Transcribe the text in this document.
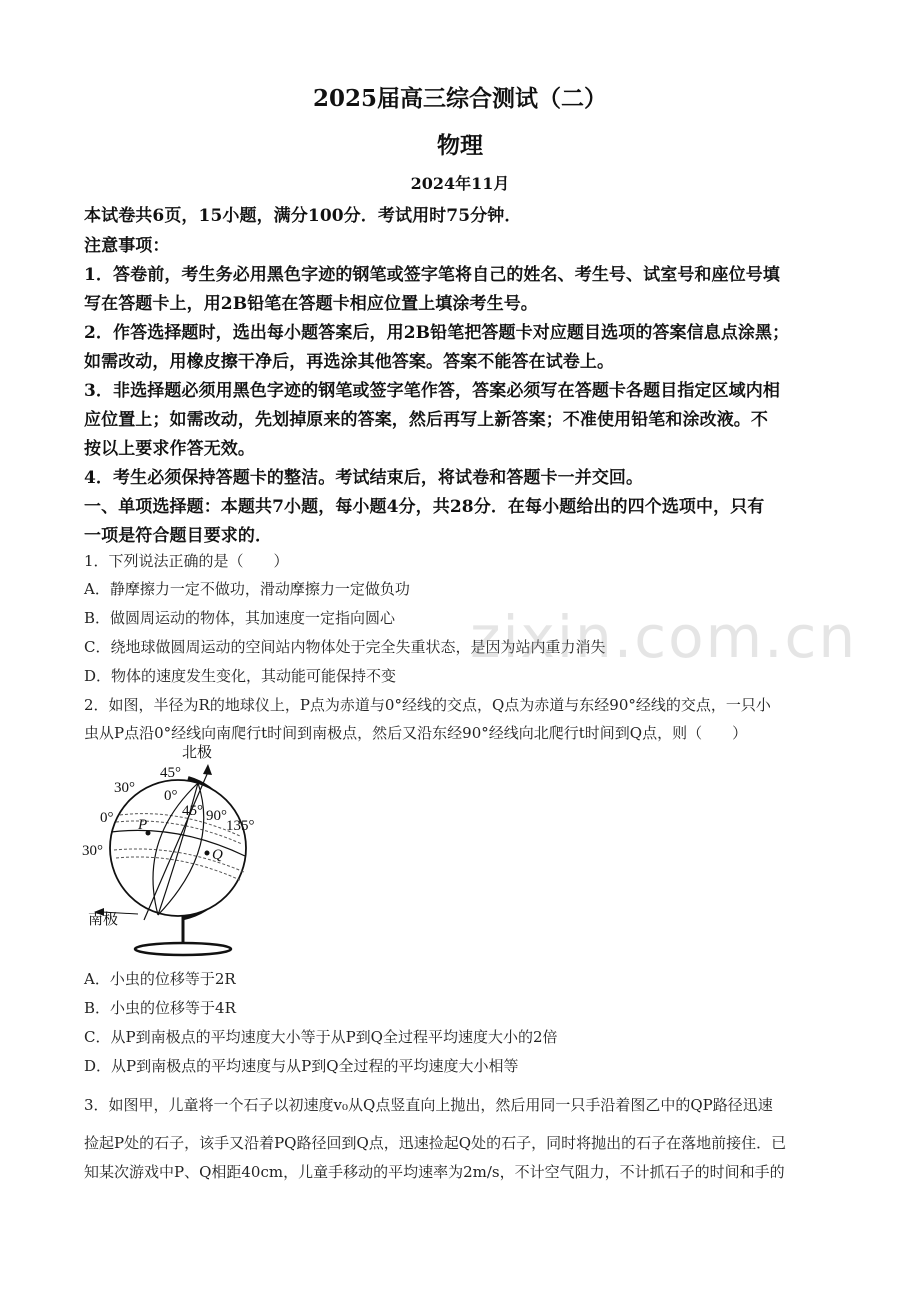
2025届高三综合测试（二）
物理
2024年11月
本试卷共6页，15小题，满分100分．考试用时75分钟．
注意事项：
1．答卷前，考生务必用黑色字迹的钢笔或签字笔将自己的姓名、考生号、试室号和座位号填
写在答题卡上，用2B铅笔在答题卡相应位置上填涂考生号。
2．作答选择题时，选出每小题答案后，用2B铅笔把答题卡对应题目选项的答案信息点涂黑；
如需改动，用橡皮擦干净后，再选涂其他答案。答案不能答在试卷上。
3．非选择题必须用黑色字迹的钢笔或签字笔作答，答案必须写在答题卡各题目指定区域内相
应位置上；如需改动，先划掉原来的答案，然后再写上新答案；不准使用铅笔和涂改液。不
按以上要求作答无效。
4．考生必须保持答题卡的整洁。考试结束后，将试卷和答题卡一并交回。
一、单项选择题：本题共7小题，每小题4分，共28分．在每小题给出的四个选项中，只有
一项是符合题目要求的．
1．下列说法正确的是（　　）
A．静摩擦力一定不做功，滑动摩擦力一定做负功
B．做圆周运动的物体，其加速度一定指向圆心
C．绕地球做圆周运动的空间站内物体处于完全失重状态，是因为站内重力消失
D．物体的速度发生变化，其动能可能保持不变
2．如图，半径为R的地球仪上，P点为赤道与0°经线的交点，Q点为赤道与东经90°经线的交点，一只小
虫从P点沿0°经线向南爬行t时间到南极点，然后又沿东经90°经线向北爬行t时间到Q点，则（　　）
北极
南极
45°
30° 0°
45°
0°	90°
135°
30°
P
Q
A．小虫的位移等于2R
B．小虫的位移等于4R
C．从P到南极点的平均速度大小等于从P到Q全过程平均速度大小的2倍
D．从P到南极点的平均速度与从P到Q全过程的平均速度大小相等
3．如图甲，儿童将一个石子以初速度v₀从Q点竖直向上抛出，然后用同一只手沿着图乙中的QP路径迅速
捡起P处的石子，该手又沿着PQ路径回到Q点，迅速捡起Q处的石子，同时将抛出的石子在落地前接住．已
知某次游戏中P、Q相距40cm，儿童手移动的平均速率为2m/s，不计空气阻力，不计抓石子的时间和手的
zixin.com.cn
